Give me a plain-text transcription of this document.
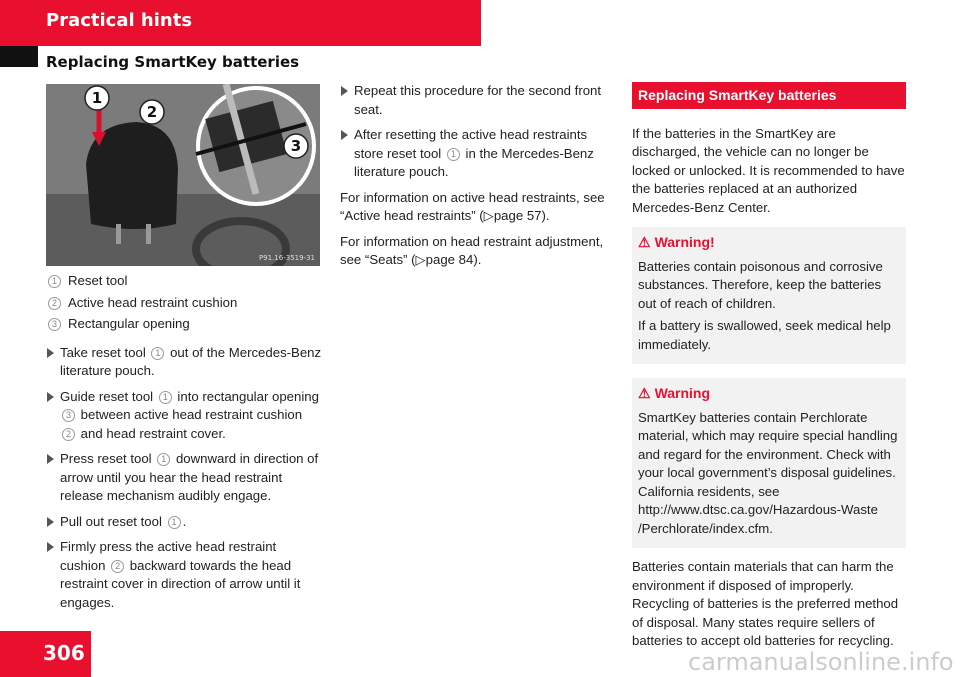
Practical hints
Replacing SmartKey batteries
1
2
3
P91.16-3519-31
1 Reset tool
2 Active head restraint cushion
3 Rectangular opening
Take reset tool 1 out of the Mercedes-Benz literature pouch.
Guide reset tool 1 into rectangular opening 3 between active head restraint cushion 2 and head restraint cover.
Press reset tool 1 downward in direction of arrow until you hear the head restraint release mechanism audibly engage.
Pull out reset tool 1 .
Firmly press the active head restraint cushion 2 backward towards the head restraint cover in direction of arrow until it engages.
Repeat this procedure for the second front seat.
After resetting the active head restraints store reset tool 1 in the Mercedes-Benz literature pouch.

For information on active head restraints, see “Active head restraints” (▷page 57).

For information on head restraint adjustment, see “Seats” (▷page 84).

Replacing SmartKey batteries

If the batteries in the SmartKey are discharged, the vehicle can no longer be locked or unlocked. It is recommended to have the batteries replaced at an authorized Mercedes-Benz Center.

⚠ Warning!

Batteries contain poisonous and corrosive substances. Therefore, keep the batteries out of reach of children.

If a battery is swallowed, seek medical help immediately.

⚠ Warning

SmartKey batteries contain Perchlorate material, which may require special handling and regard for the environment. Check with your local government’s disposal guidelines. California residents, see http://www.dtsc.ca.gov/Hazardous-Waste /Perchlorate/index.cfm.

Batteries contain materials that can harm the environment if disposed of improperly. Recycling of batteries is the preferred method of disposal. Many states require sellers of batteries to accept old batteries for recycling.

306	carmanualsonline.info
